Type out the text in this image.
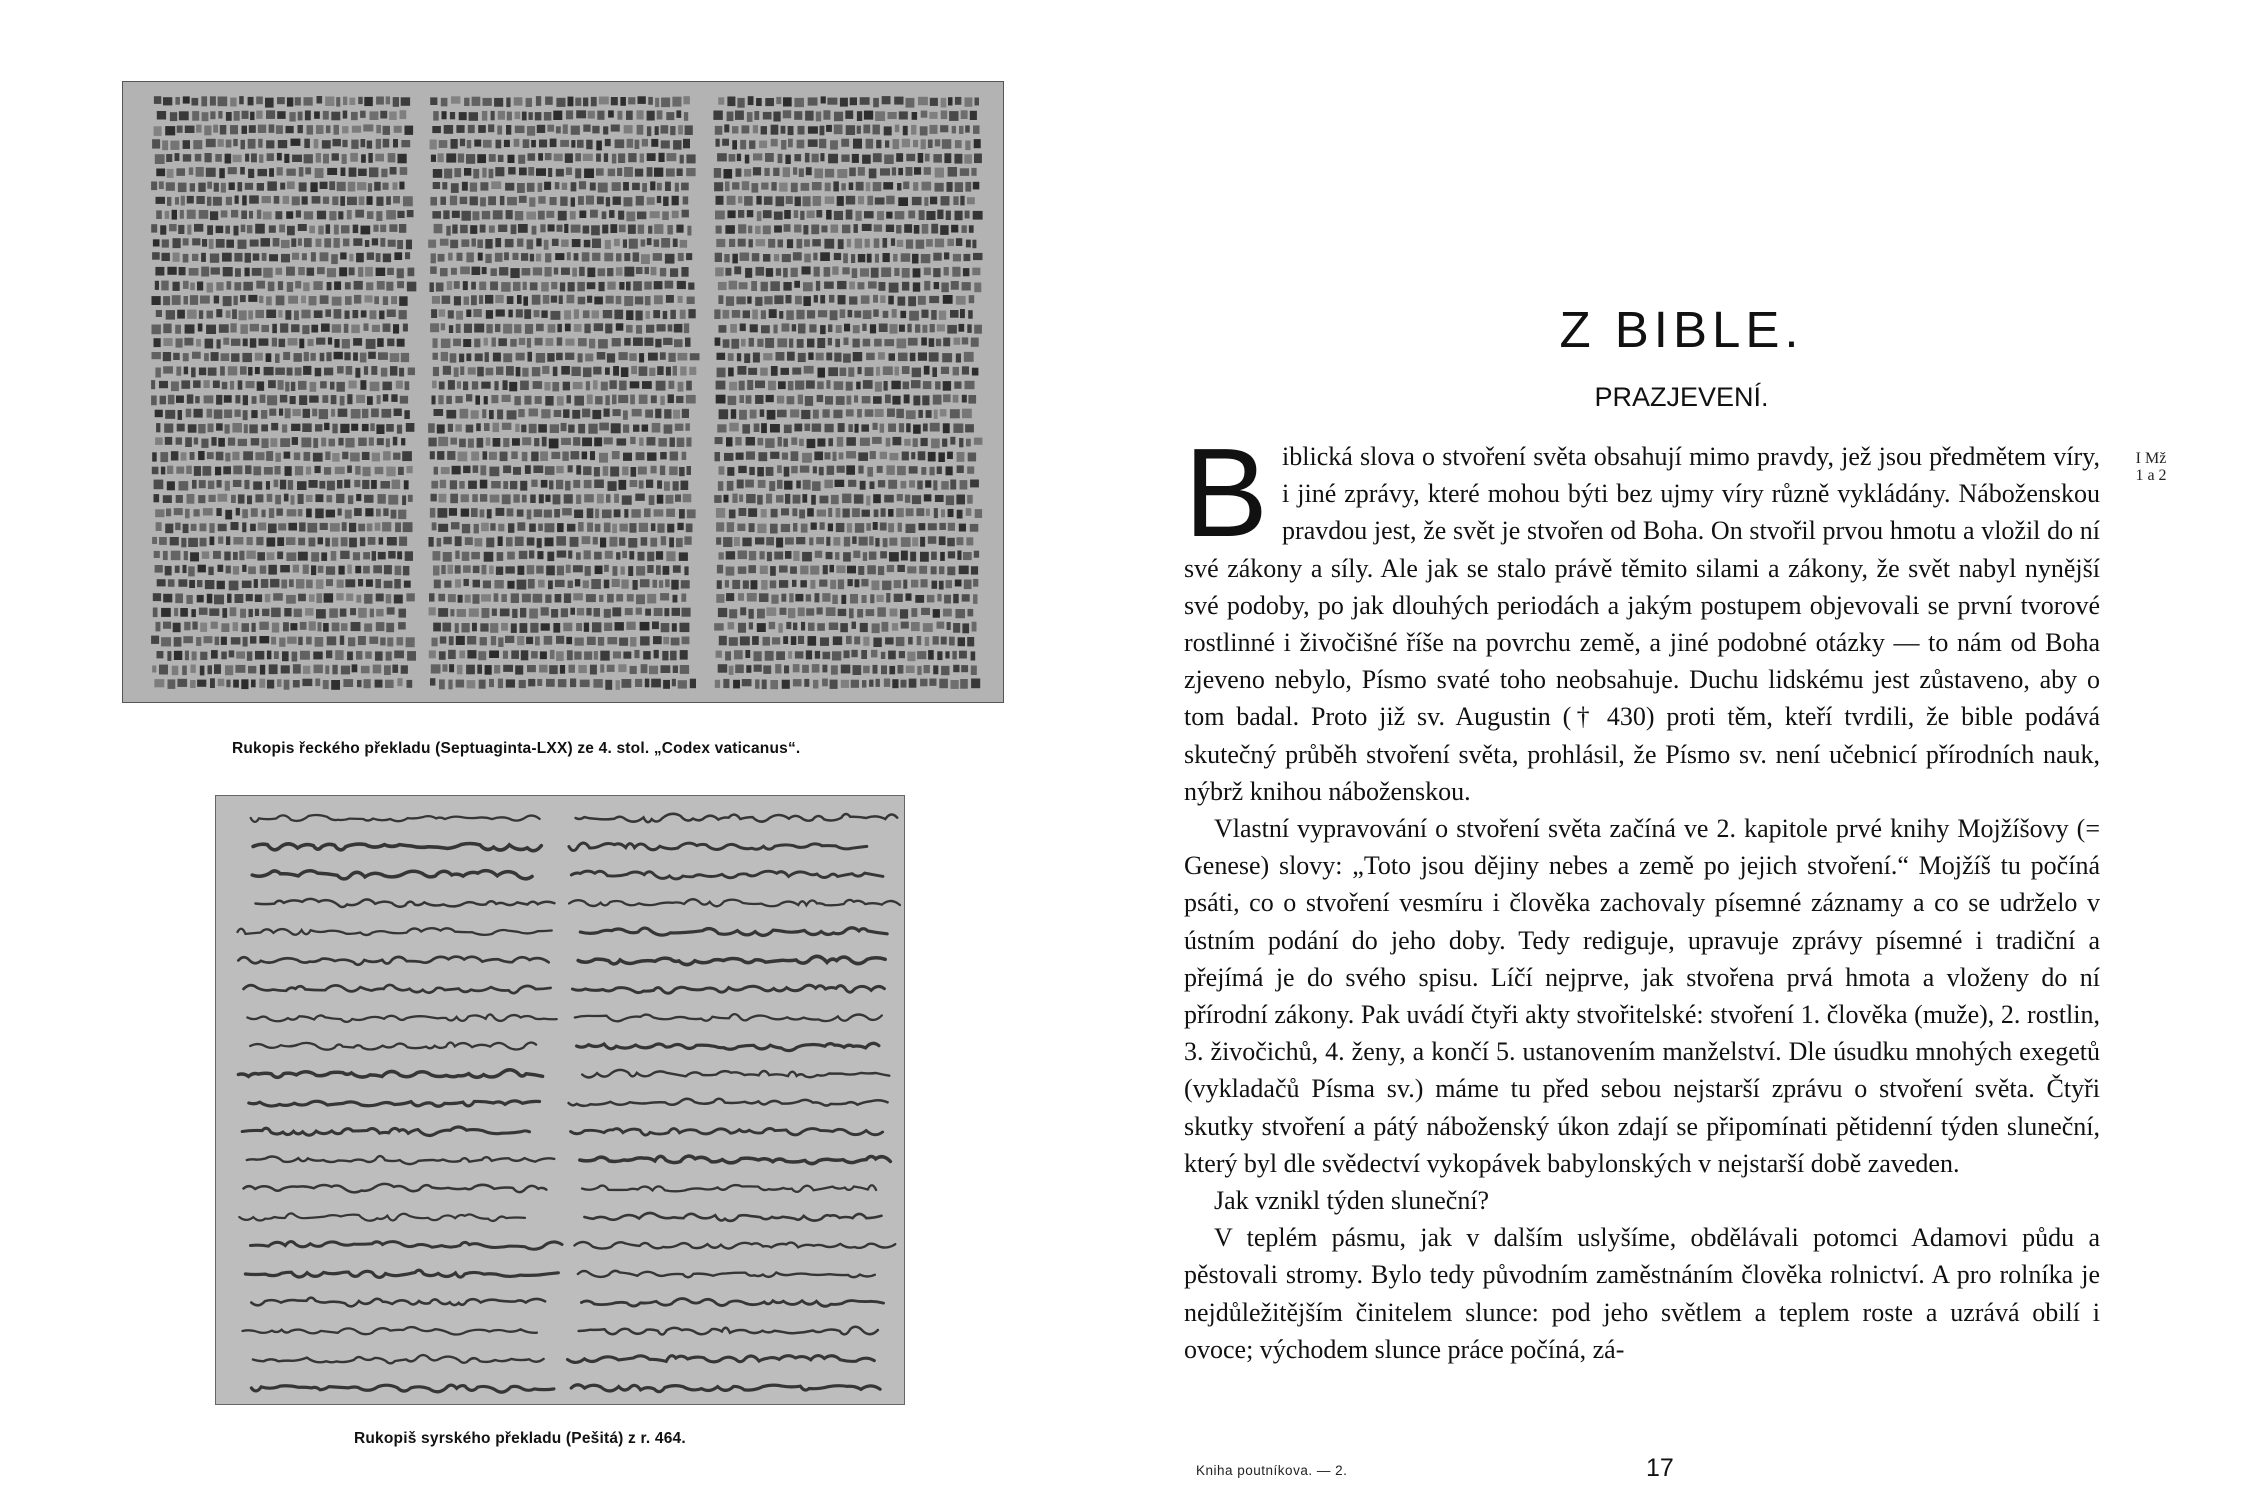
Rukopis řeckého překladu (Septuaginta-LXX) ze 4. stol. „Codex vaticanus“.
Rukopiš syrského překladu (Pešitá) z r. 464.
Z BIBLE.
PRAZJEVENÍ.
I Mž
1 a 2

Biblická slova o stvoření světa obsahují mimo pravdy, jež jsou předmětem víry, i jiné zprávy, které mohou býti bez ujmy víry různě vykládány. Náboženskou pravdou jest, že svět je stvořen od Boha. On stvořil prvou hmotu a vložil do ní své zákony a síly. Ale jak se stalo právě těmito silami a zákony, že svět nabyl nynější své podoby, po jak dlouhých periodách a jakým postupem objevovali se první tvorové rostlinné i živočišné říše na povrchu země, a jiné podobné otázky — to nám od Boha zjeveno nebylo, Písmo svaté toho neobsahuje. Duchu lidskému jest zůstaveno, aby o tom badal. Proto již sv. Augustin († 430) proti těm, kteří tvrdili, že bible podává skutečný průběh stvoření světa, prohlásil, že Písmo sv. není učebnicí přírodních nauk, nýbrž knihou náboženskou.

Vlastní vypravování o stvoření světa začíná ve 2. kapitole prvé knihy Mojžíšovy (= Genese) slovy: „Toto jsou dějiny nebes a země po jejich stvoření.“ Mojžíš tu počíná psáti, co o stvoření vesmíru i člověka zachovaly písemné záznamy a co se udrželo v ústním podání do jeho doby. Tedy rediguje, upravuje zprávy písemné i tradiční a přejímá je do svého spisu. Líčí nejprve, jak stvořena prvá hmota a vloženy do ní přírodní zákony. Pak uvádí čtyři akty stvořitelské: stvoření 1. člověka (muže), 2. rostlin, 3. živočichů, 4. ženy, a končí 5. ustanovením manželství. Dle úsudku mnohých exegetů (vykladačů Písma sv.) máme tu před sebou nejstarší zprávu o stvoření světa. Čtyři skutky stvoření a pátý náboženský úkon zdají se připomínati pětidenní týden sluneční, který byl dle svědectví vykopávek babylonských v nejstarší době zaveden.

Jak vznikl týden sluneční?

V teplém pásmu, jak v dalším uslyšíme, obdělávali potomci Adamovi půdu a pěstovali stromy. Bylo tedy původním zaměstnáním člověka rolnictví. A pro rolníka je nejdůležitějším činitelem slunce: pod jeho světlem a teplem roste a uzrává obilí i ovoce; východem slunce práce počíná, zá-

Kniha poutníkova. — 2.	17
